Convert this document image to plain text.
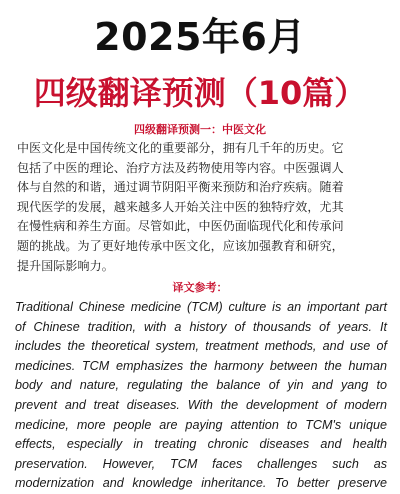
2025年6月
四级翻译预测（10篇）
四级翻译预测一：中医文化
中医文化是中国传统文化的重要部分，拥有几千年的历史。它
包括了中医的理论、治疗方法及药物使用等内容。中医强调人
体与自然的和谐，通过调节阴阳平衡来预防和治疗疾病。随着
现代医学的发展，越来越多人开始关注中医的独特疗效，尤其
在慢性病和养生方面。尽管如此，中医仍面临现代化和传承问
题的挑战。为了更好地传承中医文化，应该加强教育和研究，
提升国际影响力。
译文参考：
Traditional Chinese medicine (TCM) culture is an important part
of Chinese tradition, with a history of thousands of years. It
includes the theoretical system, treatment methods, and use of
medicines. TCM emphasizes the harmony between the human
body and nature, regulating the balance of yin and yang to
prevent and treat diseases. With the development of modern
medicine, more people are paying attention to TCM's unique
effects, especially in treating chronic diseases and health
preservation. However, TCM faces challenges such as
modernization and knowledge inheritance. To better preserve
